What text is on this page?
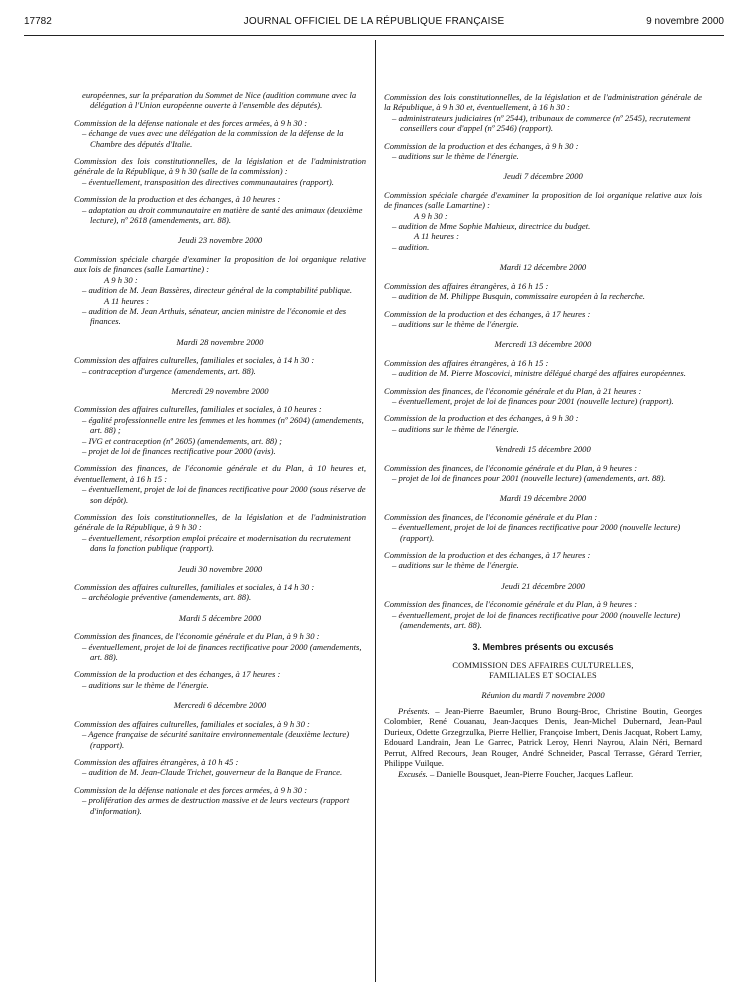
17782	JOURNAL OFFICIEL DE LA RÉPUBLIQUE FRANÇAISE	9 novembre 2000

européennes, sur la préparation du Sommet de Nice (audition commune avec la délégation à l'Union européenne ouverte à l'ensemble des députés).

Commission de la défense nationale et des forces armées, à 9 h 30 :

– échange de vues avec une délégation de la commission de la défense de la Chambre des députés d'Italie.

Commission des lois constitutionnelles, de la législation et de l'administration générale de la République, à 9 h 30 (salle de la commission) :

– éventuellement, transposition des directives communautaires (rapport).

Commission de la production et des échanges, à 10 heures :

– adaptation au droit communautaire en matière de santé des animaux (deuxième lecture), nº 2618 (amendements, art. 88).

Jeudi 23 novembre 2000

Commission spéciale chargée d'examiner la proposition de loi organique relative aux lois de finances (salle Lamartine) :

A 9 h 30 :

– audition de M. Jean Bassères, directeur général de la comptabilité publique.

A 11 heures :

– audition de M. Jean Arthuis, sénateur, ancien ministre de l'économie et des finances.

Mardi 28 novembre 2000

Commission des affaires culturelles, familiales et sociales, à 14 h 30 :

– contraception d'urgence (amendements, art. 88).

Mercredi 29 novembre 2000

Commission des affaires culturelles, familiales et sociales, à 10 heures :

– égalité professionnelle entre les femmes et les hommes (nº 2604) (amendements, art. 88) ;

– IVG et contraception (nº 2605) (amendements, art. 88) ;

– projet de loi de finances rectificative pour 2000 (avis).

Commission des finances, de l'économie générale et du Plan, à 10 heures et, éventuellement, à 16 h 15 :

– éventuellement, projet de loi de finances rectificative pour 2000 (sous réserve de son dépôt).

Commission des lois constitutionnelles, de la législation et de l'administration générale de la République, à 9 h 30 :

– éventuellement, résorption emploi précaire et modernisation du recrutement dans la fonction publique (rapport).

Jeudi 30 novembre 2000

Commission des affaires culturelles, familiales et sociales, à 14 h 30 :

– archéologie préventive (amendements, art. 88).

Mardi 5 décembre 2000

Commission des finances, de l'économie générale et du Plan, à 9 h 30 :

– éventuellement, projet de loi de finances rectificative pour 2000 (amendements, art. 88).

Commission de la production et des échanges, à 17 heures :

– auditions sur le thème de l'énergie.

Mercredi 6 décembre 2000

Commission des affaires culturelles, familiales et sociales, à 9 h 30 :

– Agence française de sécurité sanitaire environnementale (deuxième lecture) (rapport).

Commission des affaires étrangères, à 10 h 45 :

– audition de M. Jean-Claude Trichet, gouverneur de la Banque de France.

Commission de la défense nationale et des forces armées, à 9 h 30 :

– prolifération des armes de destruction massive et de leurs vecteurs (rapport d'information).

Commission des lois constitutionnelles, de la législation et de l'administration générale de la République, à 9 h 30 et, éventuellement, à 16 h 30 :

– administrateurs judiciaires (nº 2544), tribunaux de commerce (nº 2545), recrutement conseillers cour d'appel (nº 2546) (rapport).

Commission de la production et des échanges, à 9 h 30 :

– auditions sur le thème de l'énergie.

Jeudi 7 décembre 2000

Commission spéciale chargée d'examiner la proposition de loi organique relative aux lois de finances (salle Lamartine) :

A 9 h 30 :

– audition de Mme Sophie Mahieux, directrice du budget.

A 11 heures :

– audition.

Mardi 12 décembre 2000

Commission des affaires étrangères, à 16 h 15 :

– audition de M. Philippe Busquin, commissaire européen à la recherche.

Commission de la production et des échanges, à 17 heures :

– auditions sur le thème de l'énergie.

Mercredi 13 décembre 2000

Commission des affaires étrangères, à 16 h 15 :

– audition de M. Pierre Moscovici, ministre délégué chargé des affaires européennes.

Commission des finances, de l'économie générale et du Plan, à 21 heures :

– éventuellement, projet de loi de finances pour 2001 (nouvelle lecture) (rapport).

Commission de la production et des échanges, à 9 h 30 :

– auditions sur le thème de l'énergie.

Vendredi 15 décembre 2000

Commission des finances, de l'économie générale et du Plan, à 9 heures :

– projet de loi de finances pour 2001 (nouvelle lecture) (amendements, art. 88).

Mardi 19 décembre 2000

Commission des finances, de l'économie générale et du Plan :

– éventuellement, projet de loi de finances rectificative pour 2000 (nouvelle lecture) (rapport).

Commission de la production et des échanges, à 17 heures :

– auditions sur le thème de l'énergie.

Jeudi 21 décembre 2000

Commission des finances, de l'économie générale et du Plan, à 9 heures :

– éventuellement, projet de loi de finances rectificative pour 2000 (nouvelle lecture) (amendements, art. 88).

3. Membres présents ou excusés

COMMISSION DES AFFAIRES CULTURELLES,

FAMILIALES ET SOCIALES

Réunion du mardi 7 novembre 2000

Présents. – Jean-Pierre Baeumler, Bruno Bourg-Broc, Christine Boutin, Georges Colombier, René Couanau, Jean-Jacques Denis, Jean-Michel Dubernard, Jean-Paul Durieux, Odette Grzegrzulka, Pierre Hellier, Françoise Imbert, Denis Jacquat, Robert Lamy, Edouard Landrain, Jean Le Garrec, Patrick Leroy, Henri Nayrou, Alain Néri, Bernard Perrut, Alfred Recours, Jean Rouger, André Schneider, Pascal Terrasse, Gérard Terrier, Philippe Vuilque.

Excusés. – Danielle Bousquet, Jean-Pierre Foucher, Jacques Lafleur.
